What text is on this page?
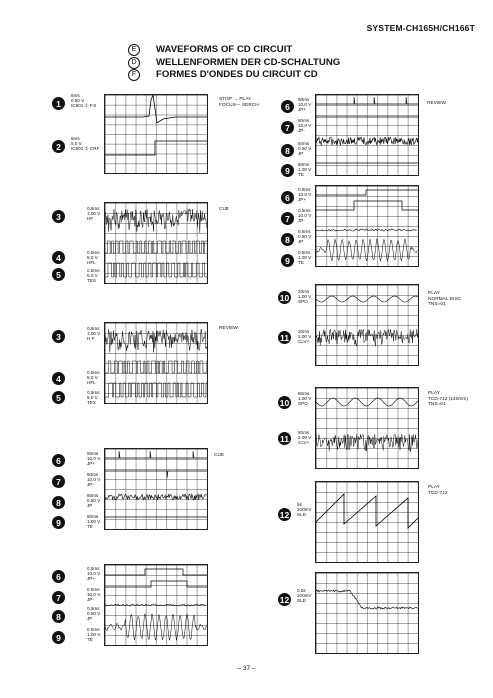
SYSTEM-CH165H/CH166T
E	WAVEFORMS OF CD CIRCUIT
D	WELLENFORMEN DER CD-SCHALTUNG
F	FORMES D'ONDES DU CIRCUIT CD
1
5ms
0.50 V
IC601 ① F.0
2
5ms
5.0 V
IC601 ② CRF
STOP → PLAY
FOCUS— SERCH
3
0.5ms
1.00 V
HF
4	0.5ms
5.0 V
HFL
5	0.5ms
5.0 V
TES
CUE
3
0.5ms
1.00 V
H F
4
0.5ms
5.0 V
HFL
5	0.5ms
5.0 V
TEX
REVIEW
6
50ms
10.0 V
JP+
7
50ms
10.0 V
JP-
8
50ms
0.50 V
JP
9
50ms
1.00 V
TE
CUE
6
0.5ms
10.0 V
JP+
7
0.5ms
10.0 V
JP-
8
0.5ms
0.50 V
JP
9
0.5ms
1.00 V
TE
6
50ms
10.0 V
JP+
7
50ms
10.0 V
JP-
8
50ms
0.50 V
JP
9
50ms
1.00 V
TE
REVIEW
6
0.5ms
10.0 V
JP+
7
0.5ms
10.0 V
JP-
8
0.5ms
0.50 V
JP
9
0.5ms
1.00 V
TE
10
20ms
1.00 V
SPO
11
20ms
2.00 V
CLV+
PLAY
NORMAL DISC
TNS=01
10
50ms
1.00 V
SPO
11
50ms
2.00 V
CLV+
PLAY
TCD-712 (140mm)
TNS=01
12
5s
100mV
SLD
PLAY
TCD-712
12
0.5s
100mV
SLD
– 37 –
